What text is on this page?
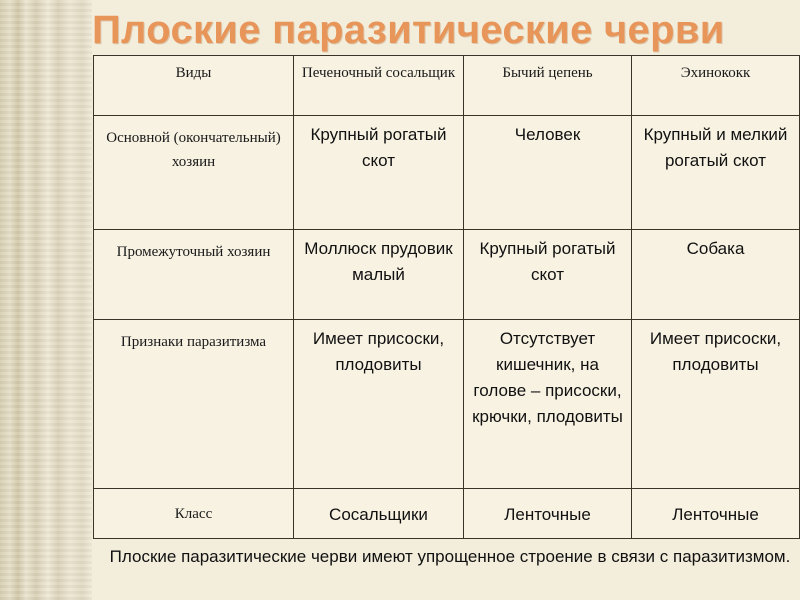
Плоские паразитические черви
Виды	Печеночный сосальщик	Бычий цепень	Эхинококк
Основной (окончательный) хозяин	Крупный рогатый скот	Человек	Крупный и мелкий рогатый скот
Промежуточный хозяин	Моллюск прудовик малый	Крупный рогатый скот	Собака
Признаки паразитизма	Имеет присоски, плодовиты	Отсутствует кишечник, на голове – присоски, крючки, плодовиты	Имеет присоски, плодовиты
Класс	Сосальщики	Ленточные	Ленточные
Плоские паразитические черви имеют упрощенное строение в связи с паразитизмом.
